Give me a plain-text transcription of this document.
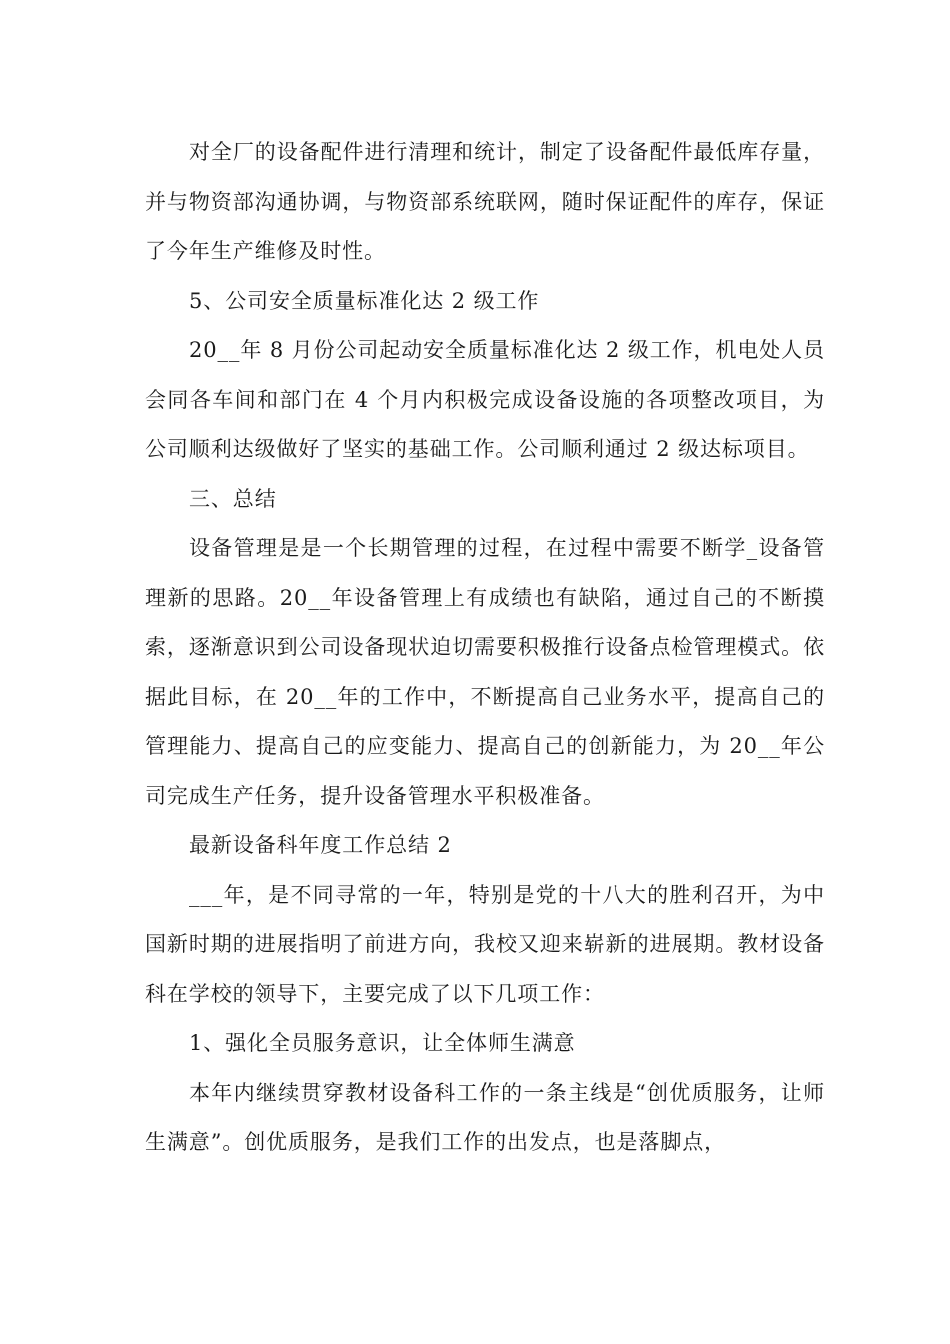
对全厂的设备配件进行清理和统计，制定了设备配件最低库存量，并与物资部沟通协调，与物资部系统联网，随时保证配件的库存，保证了今年生产维修及时性。

5、公司安全质量标准化达 2 级工作

20__年 8 月份公司起动安全质量标准化达 2 级工作，机电处人员会同各车间和部门在 4 个月内积极完成设备设施的各项整改项目，为公司顺利达级做好了坚实的基础工作。公司顺利通过 2 级达标项目。

三、总结

设备管理是是一个长期管理的过程，在过程中需要不断学_设备管理新的思路。20__年设备管理上有成绩也有缺陷，通过自己的不断摸索，逐渐意识到公司设备现状迫切需要积极推行设备点检管理模式。依据此目标，在 20__年的工作中，不断提高自己业务水平，提高自己的管理能力、提高自己的应变能力、提高自己的创新能力，为 20__年公司完成生产任务，提升设备管理水平积极准备。

最新设备科年度工作总结 2

___年，是不同寻常的一年，特别是党的十八大的胜利召开，为中国新时期的进展指明了前进方向，我校又迎来崭新的进展期。教材设备科在学校的领导下，主要完成了以下几项工作：

1、强化全员服务意识，让全体师生满意

本年内继续贯穿教材设备科工作的一条主线是“创优质服务，让师生满意”。创优质服务，是我们工作的出发点，也是落脚点，
